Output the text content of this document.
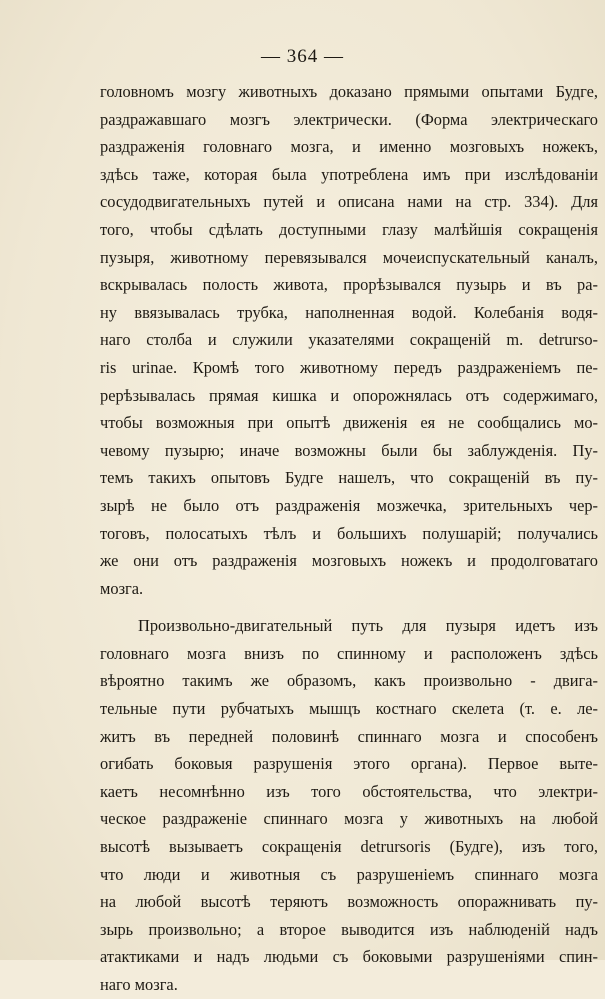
— 364 —
головномъ мозгу животныхъ доказано прямыми опытами Будге,
раздражавшаго мозгъ электрически. (Форма электрическаго
раздраженія головнаго мозга, и именно мозговыхъ ножекъ,
здѣсь таже, которая была употреблена имъ при изслѣдованіи
сосудодвигательныхъ путей и описана нами на стр. 334). Для
того, чтобы сдѣлать доступными глазу малѣйшія сокращенія
пузыря, животному перевязывался мочеиспускательный каналъ,
вскрывалась полость живота, прорѣзывался пузырь и въ ра-
ну ввязывалась трубка, наполненная водой. Колебанія водя-
наго столба и служили указателями сокращеній m. detrursо-
ris urinae. Кромѣ того животному передъ раздраженіемъ пе-
рерѣзывалась прямая кишка и опорожнялась отъ содержимаго,
чтобы возможныя при опытѣ движенія ея не сообщались мо-
чевому пузырю; иначе возможны были бы заблужденія. Пу-
темъ такихъ опытовъ Будге нашелъ, что сокращеній въ пу-
зырѣ не было отъ раздраженія мозжечка, зрительныхъ чер-
тоговъ, полосатыхъ тѣлъ и большихъ полушарій; получались
же они отъ раздраженія мозговыхъ ножекъ и продолговатаго
мозга.
Произвольно-двигательный путь для пузыря идетъ изъ
головнаго мозга внизъ по спинному и расположенъ здѣсь
вѣроятно такимъ же образомъ, какъ произвольно - двига-
тельные пути рубчатыхъ мышцъ костнаго скелета (т. е. ле-
житъ въ передней половинѣ спиннаго мозга и способенъ
огибать боковыя разрушенія этого органа). Первое выте-
каетъ несомнѣнно изъ того обстоятельства, что электри-
ческое раздраженіе спиннаго мозга у животныхъ на любой
высотѣ вызываетъ сокращенія detrursoris (Будге), изъ того,
что люди и животныя съ разрушеніемъ спиннаго мозга
на любой высотѣ теряютъ возможность опоражнивать пу-
зырь произвольно; а второе выводится изъ наблюденій надъ
атактиками и надъ людьми съ боковыми разрушеніями спин-
наго мозга.
